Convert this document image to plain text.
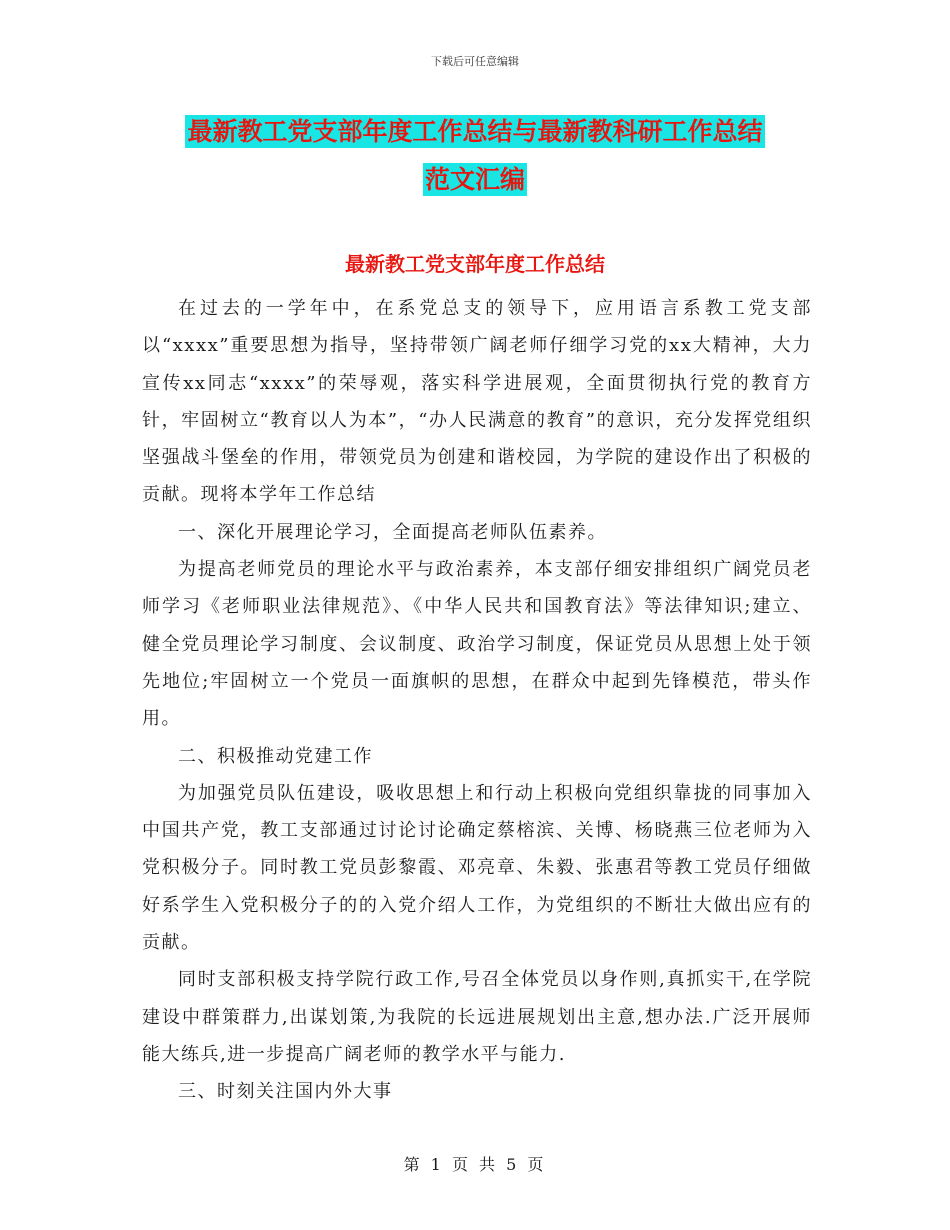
下载后可任意编辑
最新教工党支部年度工作总结与最新教科研工作总结
范文汇编
最新教工党支部年度工作总结

在过去的一学年中，在系党总支的领导下，应用语言系教工党支部以“xxxx”重要思想为指导，坚持带领广阔老师仔细学习党的xx大精神，大力宣传xx同志“xxxx”的荣辱观，落实科学进展观，全面贯彻执行党的教育方针，牢固树立“教育以人为本”，“办人民满意的教育”的意识，充分发挥党组织坚强战斗堡垒的作用，带领党员为创建和谐校园，为学院的建设作出了积极的贡献。现将本学年工作总结

一、深化开展理论学习，全面提高老师队伍素养。

为提高老师党员的理论水平与政治素养，本支部仔细安排组织广阔党员老师学习《老师职业法律规范》、《中华人民共和国教育法》等法律知识;建立、健全党员理论学习制度、会议制度、政治学习制度，保证党员从思想上处于领先地位;牢固树立一个党员一面旗帜的思想，在群众中起到先锋模范，带头作用。

二、积极推动党建工作

为加强党员队伍建设，吸收思想上和行动上积极向党组织靠拢的同事加入中国共产党，教工支部通过讨论讨论确定蔡榕滨、关博、杨晓燕三位老师为入党积极分子。同时教工党员彭黎霞、邓亮章、朱毅、张惠君等教工党员仔细做好系学生入党积极分子的的入党介绍人工作，为党组织的不断壮大做出应有的贡献。

同时支部积极支持学院行政工作,号召全体党员以身作则,真抓实干,在学院建设中群策群力,出谋划策,为我院的长远进展规划出主意,想办法.广泛开展师能大练兵,进一步提高广阔老师的教学水平与能力.

三、时刻关注国内外大事

第 1 页 共 5 页
